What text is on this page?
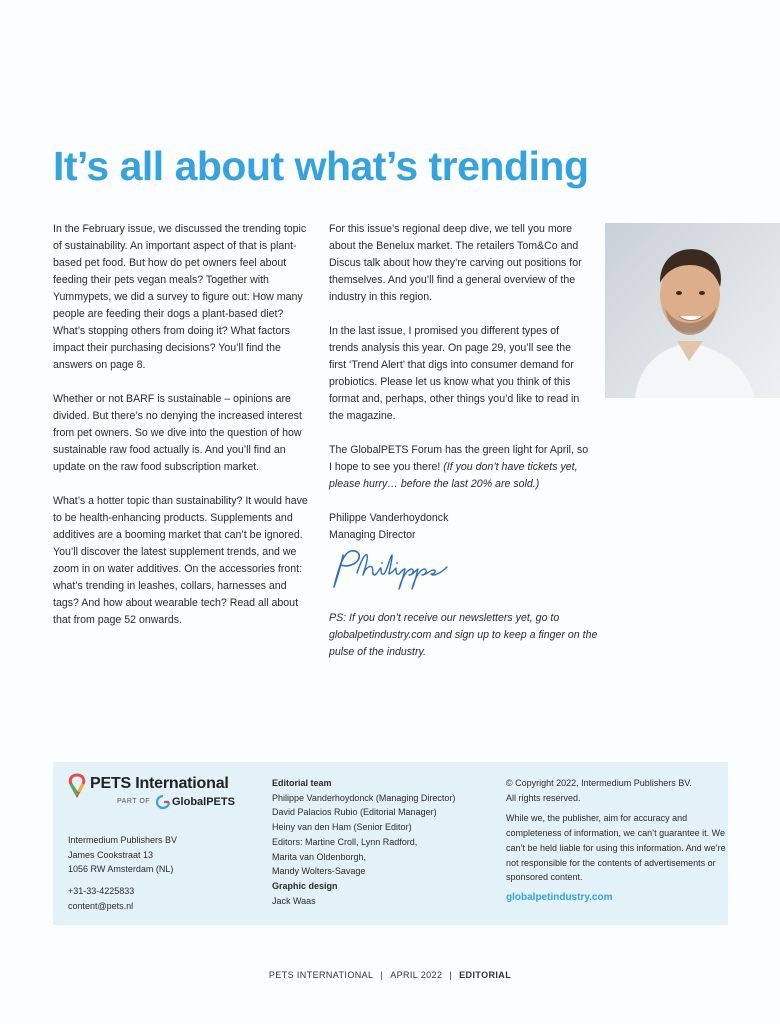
It’s all about what’s trending

In the February issue, we discussed the trending topic of sustainability. An important aspect of that is plant-based pet food. But how do pet owners feel about feeding their pets vegan meals? Together with Yummypets, we did a survey to figure out: How many people are feeding their dogs a plant-based diet? What’s stopping others from doing it? What factors impact their purchasing decisions? You’ll find the answers on page 8.

Whether or not BARF is sustainable – opinions are divided. But there’s no denying the increased interest from pet owners. So we dive into the question of how sustainable raw food actually is. And you’ll find an update on the raw food subscription market.

What’s a hotter topic than sustainability? It would have to be health-enhancing products. Supplements and additives are a booming market that can’t be ignored. You’ll discover the latest supplement trends, and we zoom in on water additives. On the accessories front: what’s trending in leashes, collars, harnesses and tags? And how about wearable tech? Read all about that from page 52 onwards.

For this issue’s regional deep dive, we tell you more about the Benelux market. The retailers Tom&Co and Discus talk about how they’re carving out positions for themselves. And you’ll find a general overview of the industry in this region.

In the last issue, I promised you different types of trends analysis this year. On page 29, you’ll see the first ‘Trend Alert’ that digs into consumer demand for probiotics. Please let us know what you think of this format and, perhaps, other things you’d like to read in the magazine.

The GlobalPETS Forum has the green light for April, so I hope to see you there! (If you don’t have tickets yet, please hurry… before the last 20% are sold.)

Philippe Vanderhoydonck
Managing Director
PS: If you don’t receive our newsletters yet, go to globalpetindustry.com and sign up to keep a finger on the pulse of the industry.
PETS International
PART OF GlobalPETS
Intermedium Publishers BV
James Cookstraat 13
1056 RW Amsterdam (NL)
+31-33-4225833
content@pets.nl
Editorial team
Philippe Vanderhoydonck (Managing Director)
David Palacios Rubio (Editorial Manager)
Heiny van den Ham (Senior Editor)
Editors: Martine Croll, Lynn Radford,
Marita van Oldenborgh,
Mandy Wolters-Savage
Graphic design
Jack Waas
© Copyright 2022, Intermedium Publishers BV.
All rights reserved.
While we, the publisher, aim for accuracy and completeness of information, we can’t guarantee it. We can’t be held liable for using this information. And we’re not responsible for the contents of advertisements or sponsored content.
globalpetindustry.com
PETS INTERNATIONAL | APRIL 2022 | EDITORIAL
